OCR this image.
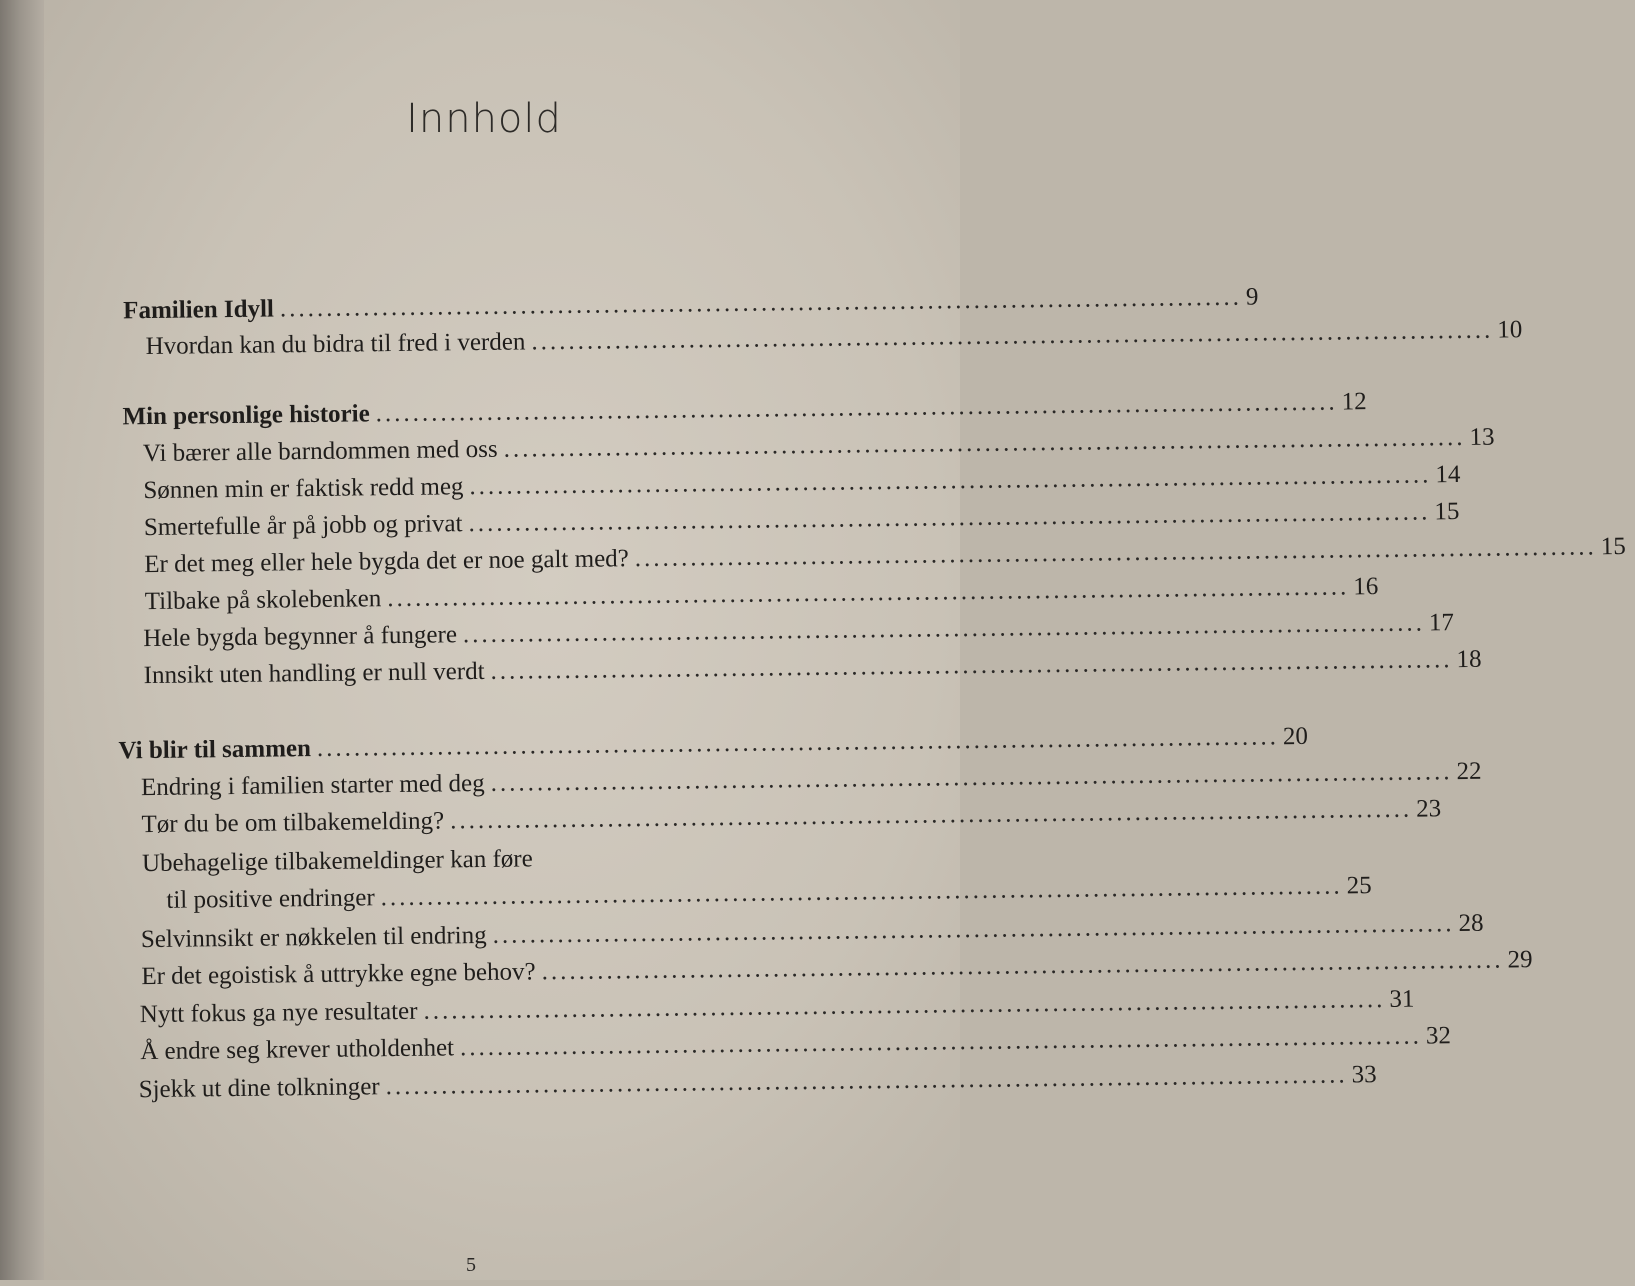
Innhold
Familien Idyll ........................................................................................................ 9
Hvordan kan du bidra til fred i verden ........................................................................................................ 10
Min personlige historie ........................................................................................................ 12
Vi bærer alle barndommen med oss ........................................................................................................ 13
Sønnen min er faktisk redd meg ........................................................................................................ 14
Smertefulle år på jobb og privat ........................................................................................................ 15
Er det meg eller hele bygda det er noe galt med? ........................................................................................................ 15
Tilbake på skolebenken ........................................................................................................ 16
Hele bygda begynner å fungere ........................................................................................................ 17
Innsikt uten handling er null verdt ........................................................................................................ 18
Vi blir til sammen ........................................................................................................ 20
Endring i familien starter med deg ........................................................................................................ 22
Tør du be om tilbakemelding? ........................................................................................................ 23
Ubehagelige tilbakemeldinger kan føre
til positive endringer ........................................................................................................ 25
Selvinnsikt er nøkkelen til endring ........................................................................................................ 28
Er det egoistisk å uttrykke egne behov? ........................................................................................................ 29
Nytt fokus ga nye resultater ........................................................................................................ 31
Å endre seg krever utholdenhet ........................................................................................................ 32
Sjekk ut dine tolkninger ........................................................................................................ 33
5
